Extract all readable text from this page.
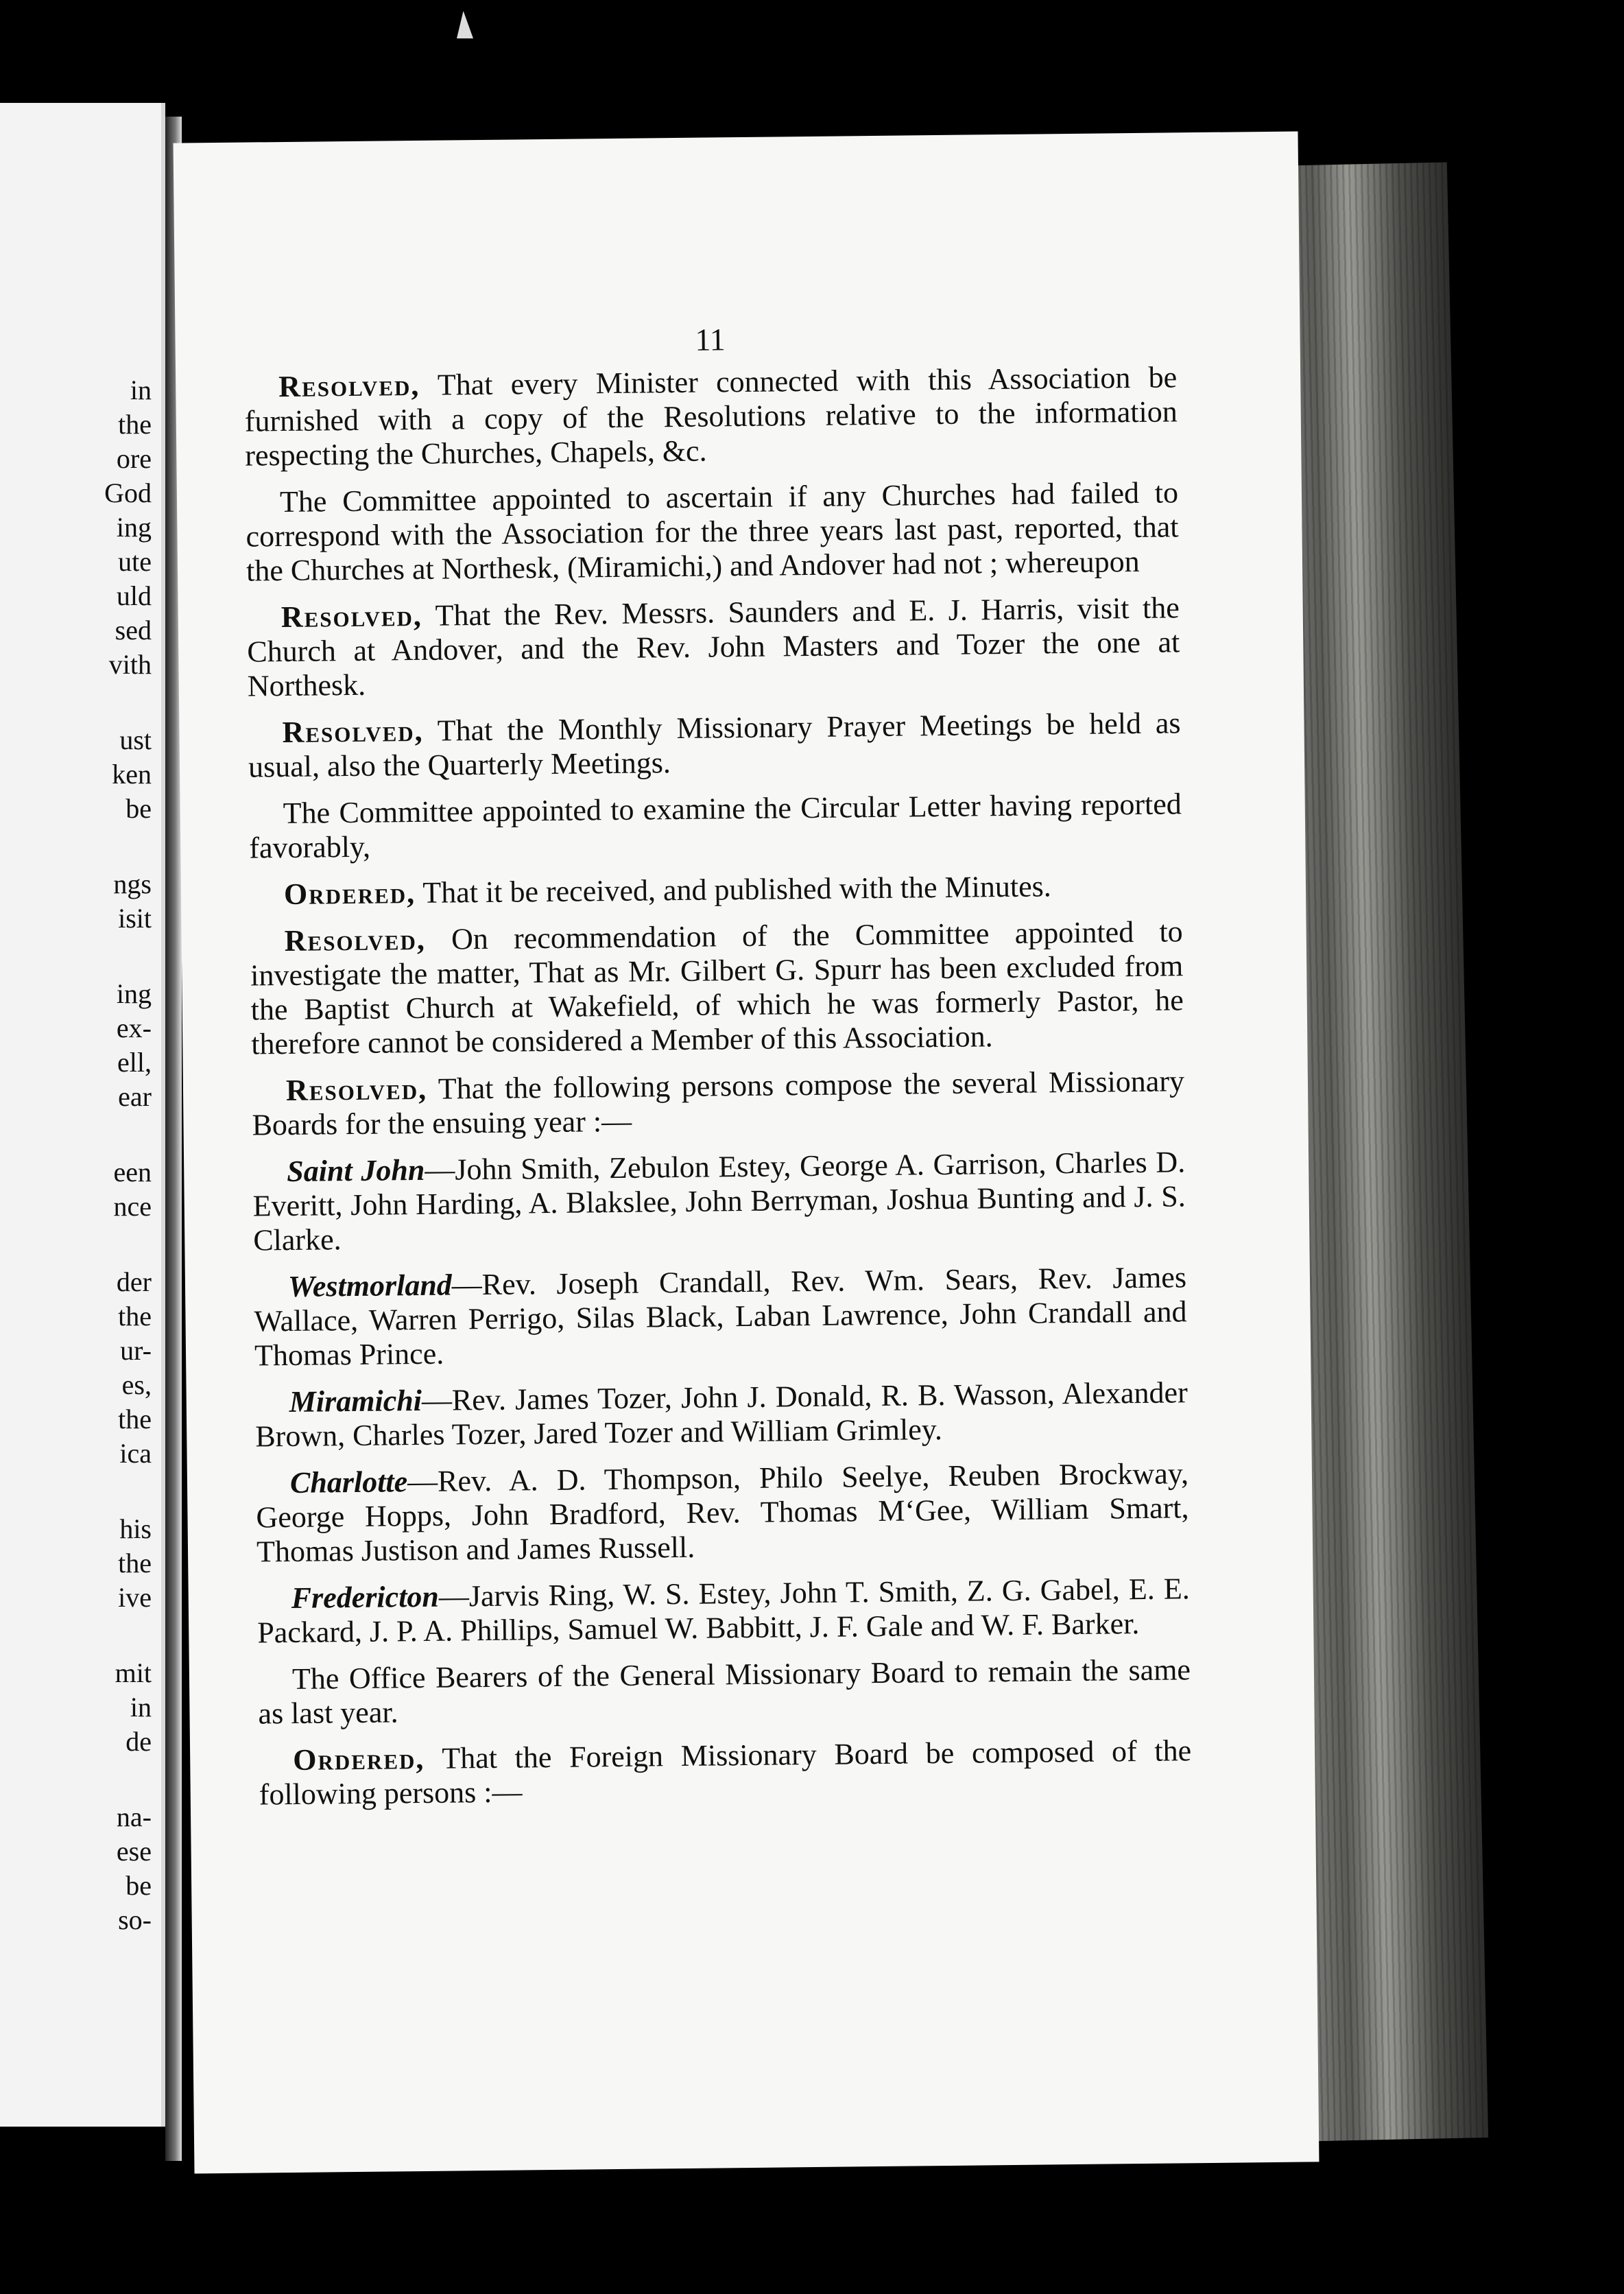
in
the
ore
God
ing
ute
uld
sed
vith
ust
ken
be
ngs
isit
ing
ex-
ell,
ear
een
nce
der
the
ur-
es,
the
ica
his
the
ive
mit
in
de
na-
ese
be
so-
11

Resolved, That every Minister connected with this Association be furnished with a copy of the Resolutions relative to the information respecting the Churches, Chapels, &c.

The Committee appointed to ascertain if any Churches had failed to correspond with the Association for the three years last past, reported, that the Churches at Northesk, (Miramichi,) and Andover had not ; whereupon

Resolved, That the Rev. Messrs. Saunders and E. J. Harris, visit the Church at Andover, and the Rev. John Masters and Tozer the one at Northesk.

Resolved, That the Monthly Missionary Prayer Meetings be held as usual, also the Quarterly Meetings.

The Committee appointed to examine the Circular Letter having reported favorably,

Ordered, That it be received, and published with the Minutes.

Resolved, On recommendation of the Committee appointed to investigate the matter, That as Mr. Gilbert G. Spurr has been excluded from the Baptist Church at Wakefield, of which he was formerly Pastor, he therefore cannot be considered a Member of this Association.

Resolved, That the following persons compose the several Missionary Boards for the ensuing year :—

Saint John—John Smith, Zebulon Estey, George A. Garrison, Charles D. Everitt, John Harding, A. Blakslee, John Berryman, Joshua Bunting and J. S. Clarke.

Westmorland—Rev. Joseph Crandall, Rev. Wm. Sears, Rev. James Wallace, Warren Perrigo, Silas Black, Laban Lawrence, John Crandall and Thomas Prince.

Miramichi—Rev. James Tozer, John J. Donald, R. B. Wasson, Alexander Brown, Charles Tozer, Jared Tozer and William Grimley.

Charlotte—Rev. A. D. Thompson, Philo Seelye, Reuben Brockway, George Hopps, John Bradford, Rev. Thomas M‘Gee, William Smart, Thomas Justison and James Russell.

Fredericton—Jarvis Ring, W. S. Estey, John T. Smith, Z. G. Gabel, E. E. Packard, J. P. A. Phillips, Samuel W. Babbitt, J. F. Gale and W. F. Barker.

The Office Bearers of the General Missionary Board to remain the same as last year.

Ordered, That the Foreign Missionary Board be composed of the following persons :—
